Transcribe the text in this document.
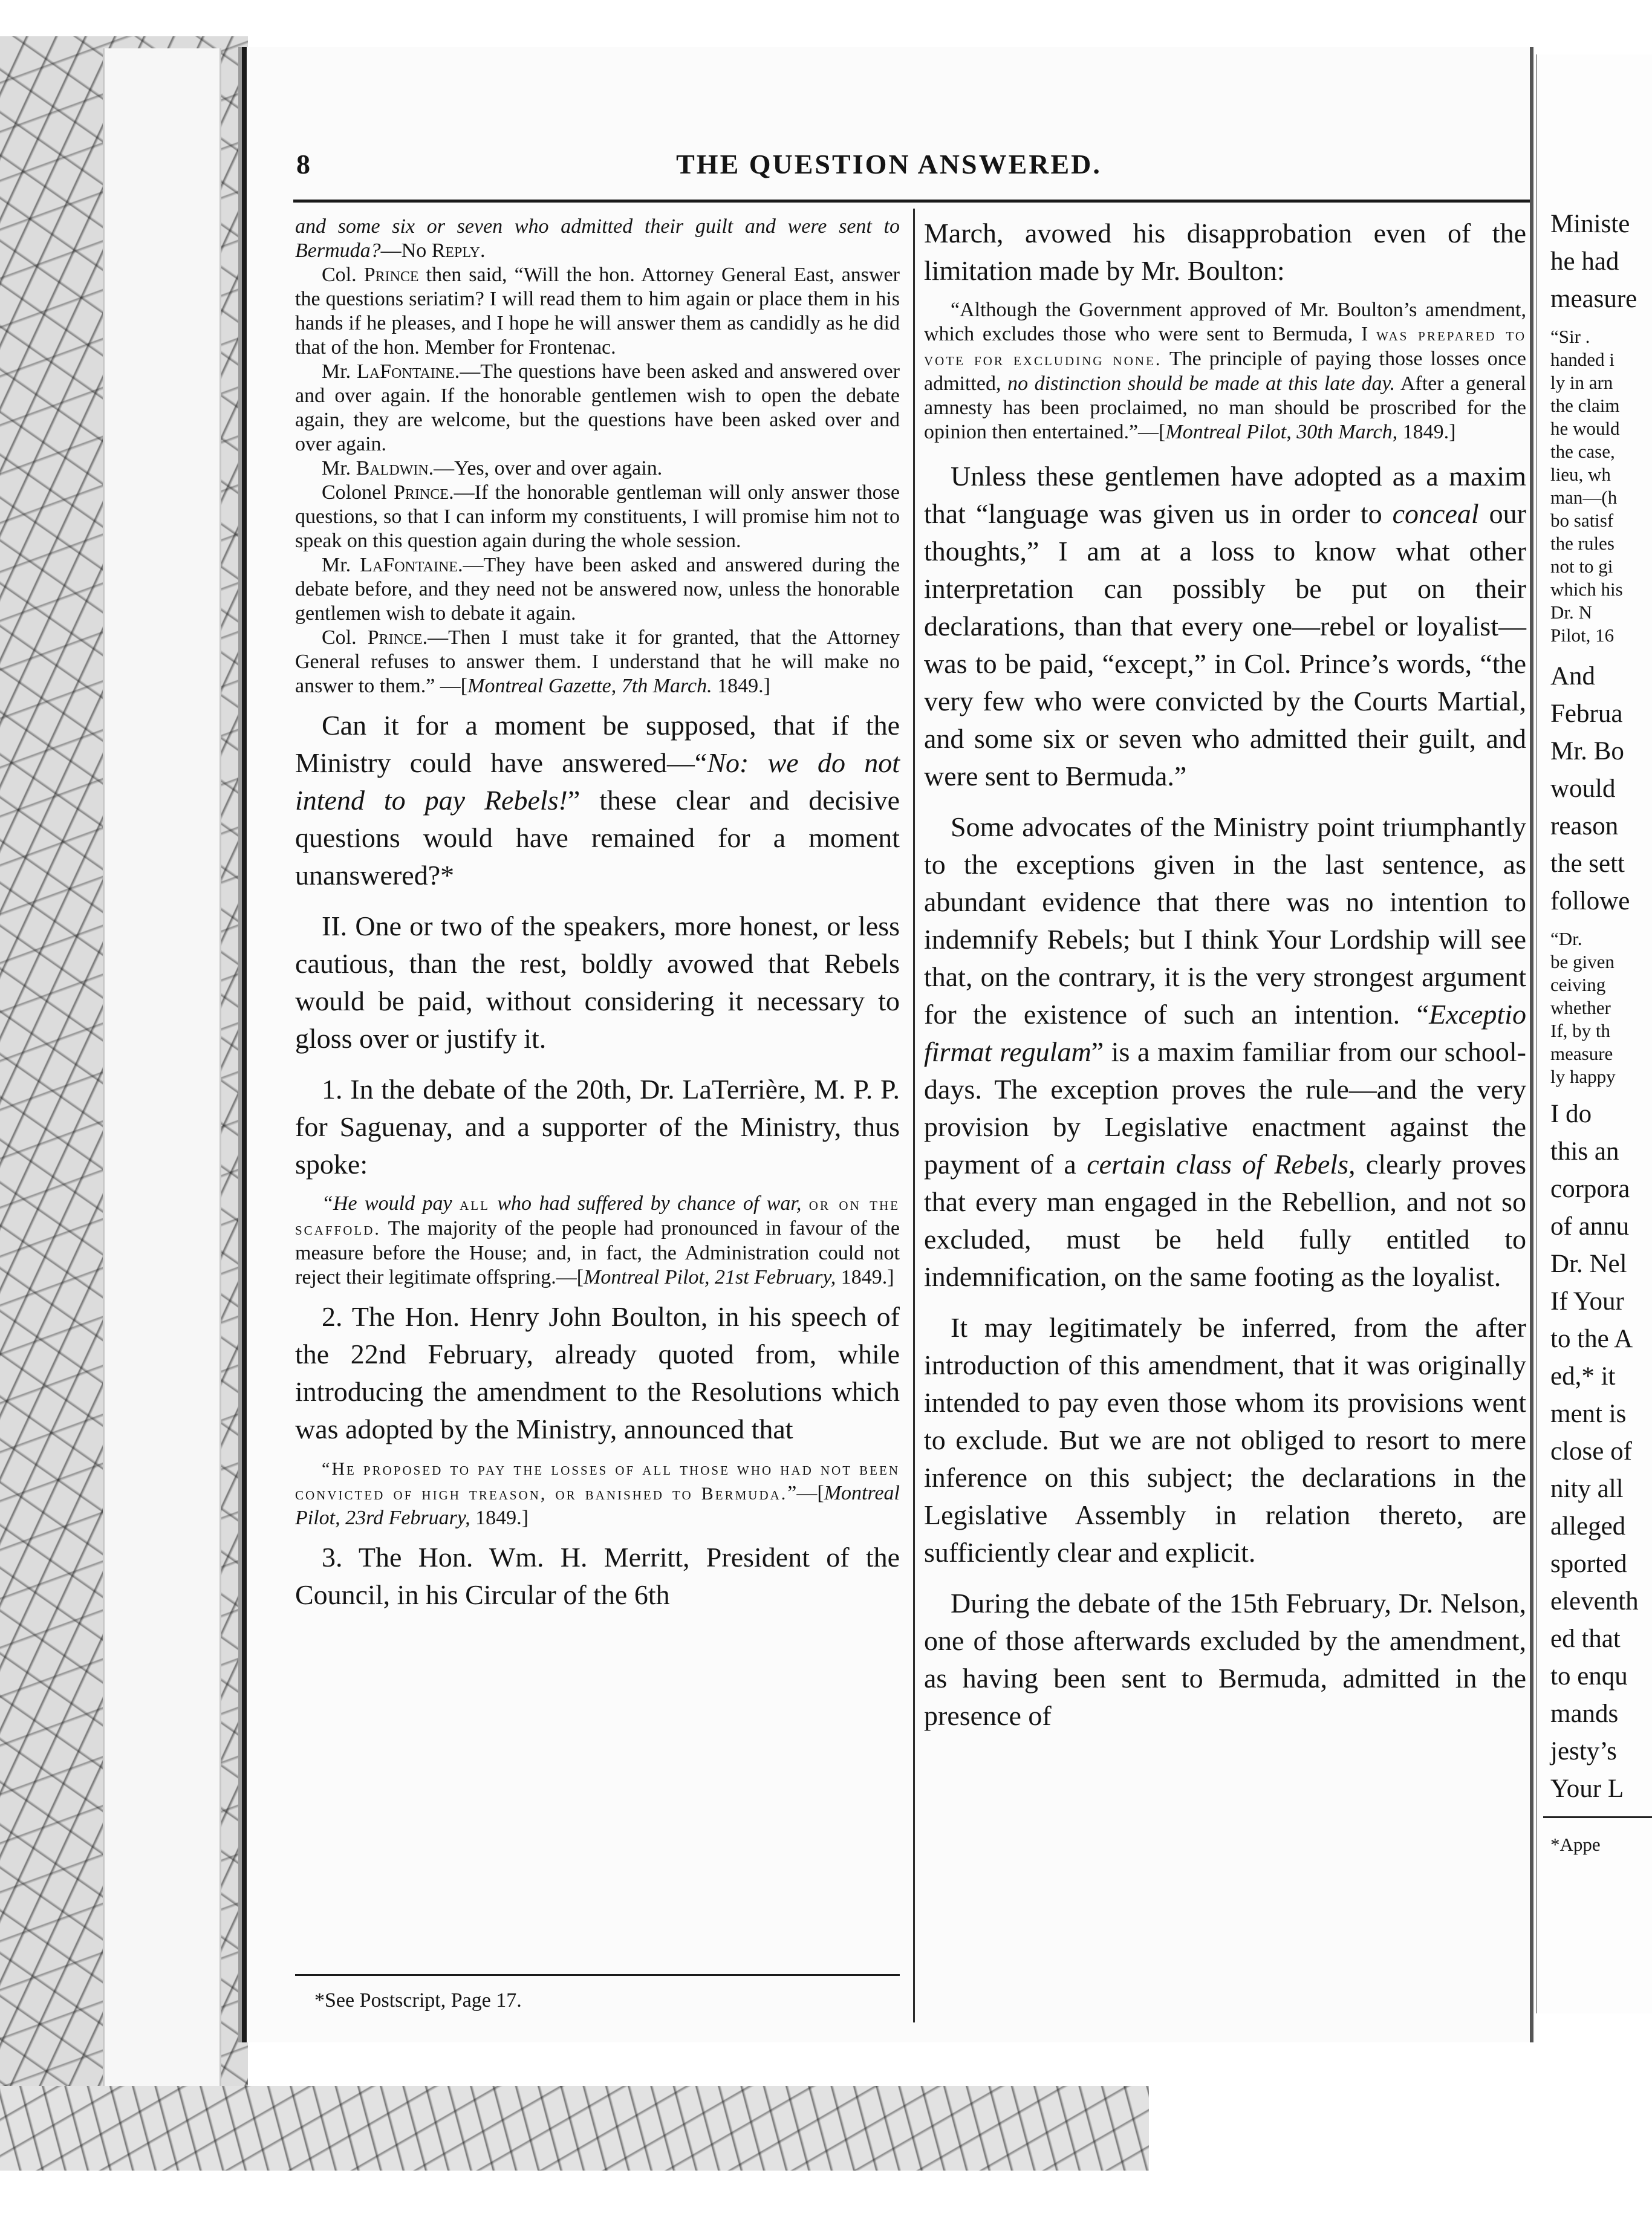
Ministe
he had
measure
“Sir .
handed i
ly in arn
the claim
he would
the case,
lieu, wh
man—(h
bo satisf
the rules
not to gi
which his
Dr. N
Pilot, 16
And
Februa
Mr. Bo
would
reason
the sett
followe
“Dr.
be given
ceiving
whether
If, by th
measure
ly happy
I do
this an
corpora
of annu
Dr. Nel
If Your
to the A
ed,* it
ment is
close of
nity all
alleged
sported
eleventh
ed that
to enqu
mands
jesty’s
Your L
*Appe
8	THE QUESTION ANSWERED.

and some six or seven who admitted their guilt and were sent to Bermuda?—No Reply.

Col. Prince then said, “Will the hon. Attorney General East, answer the questions seriatim? I will read them to him again or place them in his hands if he pleases, and I hope he will answer them as candidly as he did that of the hon. Member for Frontenac.

Mr. LaFontaine.—The questions have been asked and answered over and over again. If the honorable gentlemen wish to open the debate again, they are welcome, but the questions have been asked over and over again.

Mr. Baldwin.—Yes, over and over again.

Colonel Prince.—If the honorable gentleman will only answer those questions, so that I can inform my constituents, I will promise him not to speak on this question again during the whole session.

Mr. LaFontaine.—They have been asked and answered during the debate before, and they need not be answered now, unless the honorable gentlemen wish to debate it again.

Col. Prince.—Then I must take it for granted, that the Attorney General refuses to answer them. I understand that he will make no answer to them.” —[Montreal Gazette, 7th March. 1849.]

Can it for a moment be supposed, that if the Ministry could have answered—“No: we do not intend to pay Rebels!” these clear and decisive questions would have remained for a moment unanswered?*

II. One or two of the speakers, more honest, or less cautious, than the rest, boldly avowed that Rebels would be paid, without considering it necessary to gloss over or justify it.

1. In the debate of the 20th, Dr. LaTerrière, M. P. P. for Saguenay, and a supporter of the Ministry, thus spoke:

“He would pay all who had suffered by chance of war, or on the scaffold. The majority of the people had pronounced in favour of the measure before the House; and, in fact, the Administration could not reject their legitimate offspring.—[Montreal Pilot, 21st February, 1849.]

2. The Hon. Henry John Boulton, in his speech of the 22nd February, already quoted from, while introducing the amendment to the Resolutions which was adopted by the Ministry, announced that

“He proposed to pay the losses of all those who had not been convicted of high treason, or banished to Bermuda.”—[Montreal Pilot, 23rd February, 1849.]

3. The Hon. Wm. H. Merritt, President of the Council, in his Circular of the 6th

*See Postscript, Page 17.

March, avowed his disapprobation even of the limitation made by Mr. Boulton:

“Although the Government approved of Mr. Boulton’s amendment, which excludes those who were sent to Bermuda, I was prepared to vote for excluding none. The principle of paying those losses once admitted, no distinction should be made at this late day. After a general amnesty has been proclaimed, no man should be proscribed for the opinion then entertained.”—[Montreal Pilot, 30th March, 1849.]

Unless these gentlemen have adopted as a maxim that “language was given us in order to conceal our thoughts,” I am at a loss to know what other interpretation can possibly be put on their declarations, than that every one—rebel or loyalist—was to be paid, “except,” in Col. Prince’s words, “the very few who were convicted by the Courts Martial, and some six or seven who admitted their guilt, and were sent to Bermuda.”

Some advocates of the Ministry point triumphantly to the exceptions given in the last sentence, as abundant evidence that there was no intention to indemnify Rebels; but I think Your Lordship will see that, on the contrary, it is the very strongest argument for the existence of such an intention. “Exceptio firmat regulam” is a maxim familiar from our school-days. The exception proves the rule—and the very provision by Legislative enactment against the payment of a certain class of Rebels, clearly proves that every man engaged in the Rebellion, and not so excluded, must be held fully entitled to indemnification, on the same footing as the loyalist.

It may legitimately be inferred, from the after introduction of this amendment, that it was originally intended to pay even those whom its provisions went to exclude. But we are not obliged to resort to mere inference on this subject; the declarations in the Legislative Assembly in relation thereto, are sufficiently clear and explicit.

During the debate of the 15th February, Dr. Nelson, one of those afterwards excluded by the amendment, as having been sent to Bermuda, admitted in the presence of
